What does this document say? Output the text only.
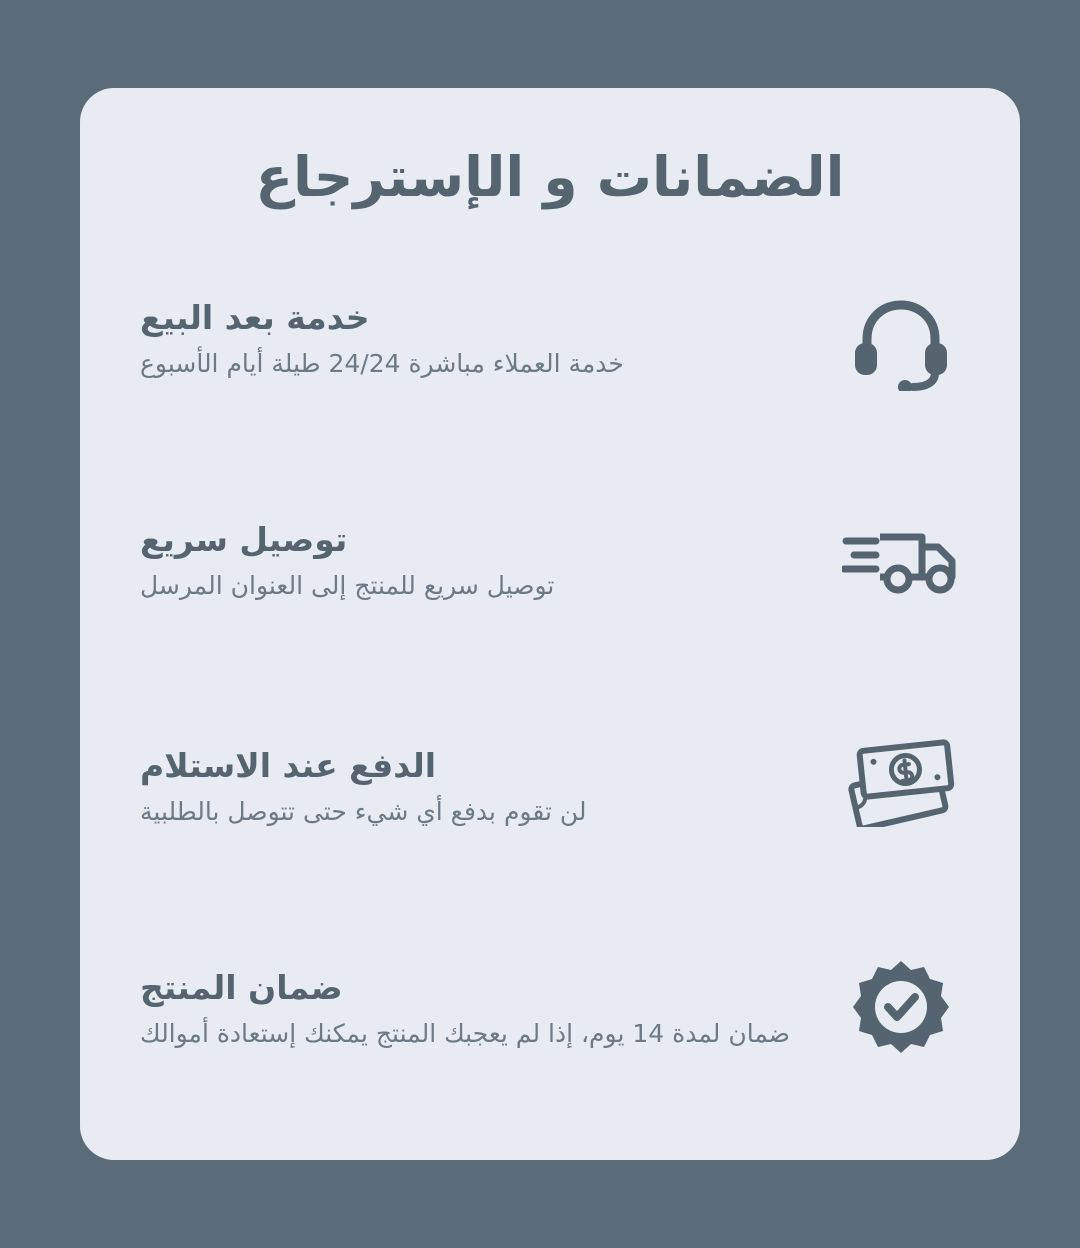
الضمانات و الإسترجاع
خدمة بعد البيع
خدمة العملاء مباشرة 24/24 طيلة أيام الأسبوع
توصيل سريع
توصيل سريع للمنتج إلى العنوان المرسل
الدفع عند الاستلام
لن تقوم بدفع أي شيء حتى تتوصل بالطلبية
ضمان المنتج
ضمان لمدة 14 يوم، إذا لم يعجبك المنتج يمكنك إستعادة أموالك
